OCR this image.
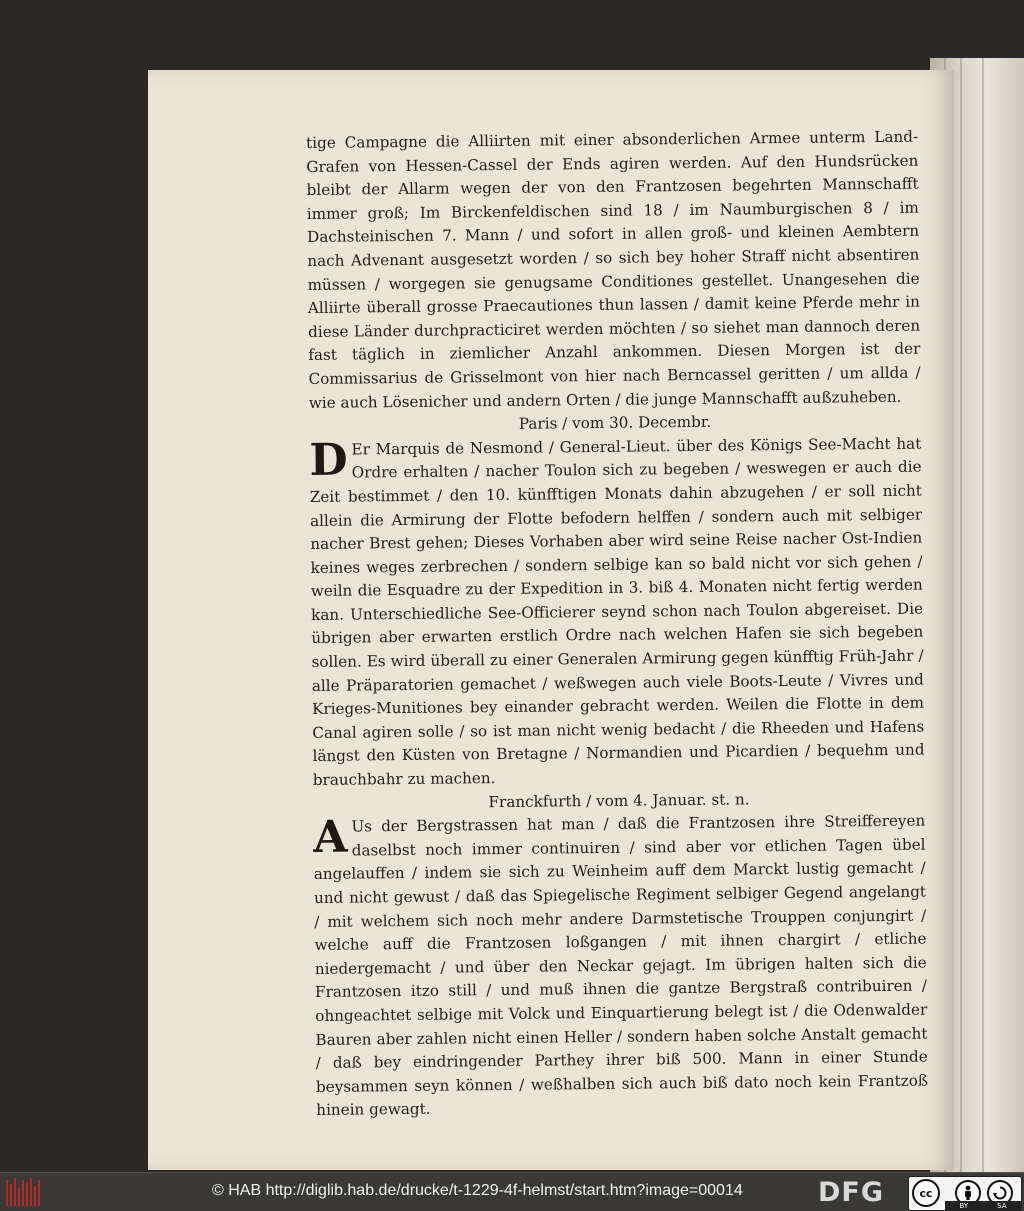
tige Campagne die Alliirten mit einer absonderlichen Armee unterm Land-Grafen von Hessen-Cassel der Ends agiren werden. Auf den Hundsrücken bleibt der Allarm wegen der von den Frantzosen begehrten Mannschafft immer groß; Im Birckenfeldischen sind 18 / im Naumburgischen 8 / im Dachsteinischen 7. Mann / und sofort in allen groß- und kleinen Aembtern nach Advenant ausgesetzt worden / so sich bey hoher Straff nicht absentiren müssen / worgegen sie genugsame Conditiones gestellet. Unangesehen die Alliirte überall grosse Praecautiones thun lassen / damit keine Pferde mehr in diese Länder durchpracticiret werden möchten / so siehet man dannoch deren fast täglich in ziemlicher Anzahl ankommen. Diesen Morgen ist der Commissarius de Grisselmont von hier nach Berncassel geritten / um allda / wie auch Lösenicher und andern Orten / die junge Mannschafft außzuheben.

Paris / vom 30. Decembr.

D Er Marquis de Nesmond / General-Lieut. über des Königs See-Macht hat Ordre erhalten / nacher Toulon sich zu begeben / weswegen er auch die Zeit bestimmet / den 10. künfftigen Monats dahin abzugehen / er soll nicht allein die Armirung der Flotte befodern helffen / sondern auch mit selbiger nacher Brest gehen; Dieses Vorhaben aber wird seine Reise nacher Ost-Indien keines weges zerbrechen / sondern selbige kan so bald nicht vor sich gehen / weiln die Esquadre zu der Expedition in 3. biß 4. Monaten nicht fertig werden kan. Unterschiedliche See-Officierer seynd schon nach Toulon abgereiset. Die übrigen aber erwarten erstlich Ordre nach welchen Hafen sie sich begeben sollen. Es wird überall zu einer Generalen Armirung gegen künfftig Früh-Jahr / alle Präparatorien gemachet / weßwegen auch viele Boots-Leute / Vivres und Krieges-Munitiones bey einander gebracht werden. Weilen die Flotte in dem Canal agiren solle / so ist man nicht wenig bedacht / die Rheeden und Hafens längst den Küsten von Bretagne / Normandien und Picardien / bequehm und brauchbahr zu machen.

Franckfurth / vom 4. Januar. st. n.

A Us der Bergstrassen hat man / daß die Frantzosen ihre Streiffereyen daselbst noch immer continuiren / sind aber vor etlichen Tagen übel angelauffen / indem sie sich zu Weinheim auff dem Marckt lustig gemacht / und nicht gewust / daß das Spiegelische Regiment selbiger Gegend angelangt / mit welchem sich noch mehr andere Darmstetische Trouppen conjungirt / welche auff die Frantzosen loßgangen / mit ihnen chargirt / etliche niedergemacht / und über den Neckar gejagt. Im übrigen halten sich die Frantzosen itzo still / und muß ihnen die gantze Bergstraß contribuiren / ohngeachtet selbige mit Volck und Einquartierung belegt ist / die Odenwalder Bauren aber zahlen nicht einen Heller / sondern haben solche Anstalt gemacht / daß bey eindringender Parthey ihrer biß 500. Mann in einer Stunde beysammen seyn können / weßhalben sich auch biß dato noch kein Frantzoß hinein gewagt.

© HAB http://diglib.hab.de/drucke/t-1229-4f-helmst/start.htm?image=00014	DFG	cc
BY	SA
